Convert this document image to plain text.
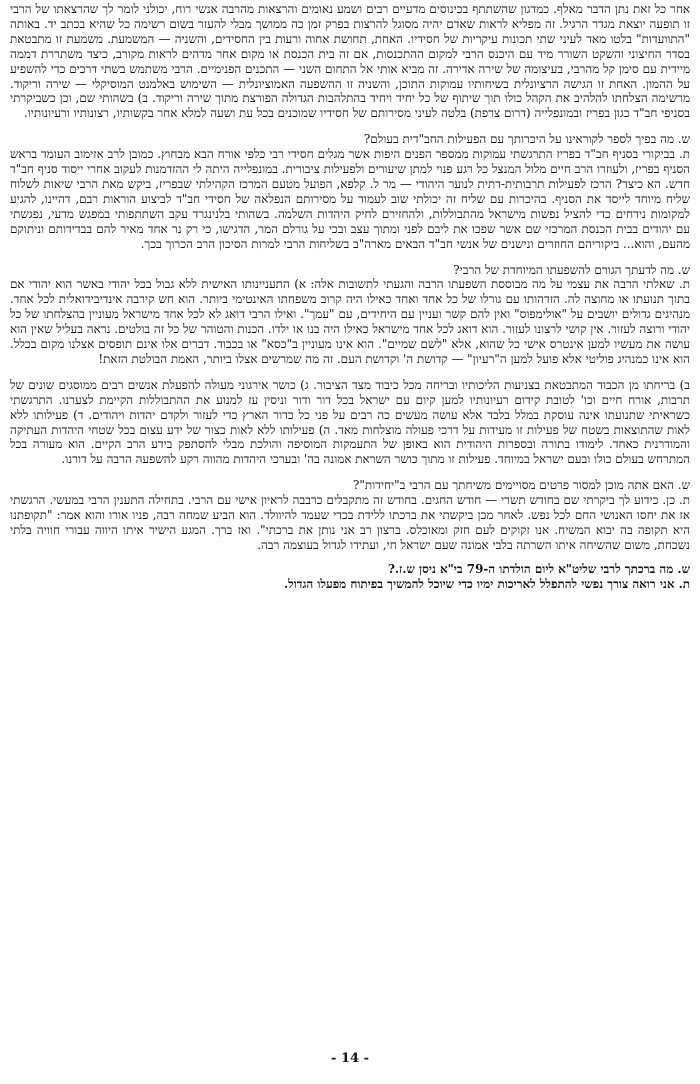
אחר כל זאת נתן הדבר מאלף. כמדגון שהשתתף בכינוסים מדעיים רבים ושמע נאומים והרצאות מהרבה אנשי רוח, יכולני לומר לך שהרצאתו של הרבי זו תופעה יוצאת מגדר הרגיל. זה מפליא לראות שאדם יהיה מסוגל להרצות בפרק זמן כה ממושך מבלי להעזר בשום רשימה כל שהיא בכתב יד. באותה "התוועדות" בלטו מאד לעיני שתי תכונות עיקריות של חסידיו. האחת, תחושת אחוה ורעות בין החסידים, והשניה — המשמעת. משמעת זו מתבטאת בסדר החיצוני והשקט השורר מיד עם היכנס הרבי למקום ההתכנסות, אם זה בית הכנסת או מקום אחר מדהים לראות מקורב, כיצד משתררת דממה מיידית עם סימן קל מהרבי, בעיצומה של שירה אדירה. זה מביא אותי אל התחום השני — התכנים הפנימיים. הרבי משתמש בשתי דרכים כדי להשפיע על ההמון. האחת זו הגישה הרציונלית בשיחותיו עמוקות התוכן, והשניה זו ההשפעה האמוציונלית — השימוש באלמנט המוסיקלי — שירה וריקוד. מרשימה הצלחתו להלהיב את הקהל כולו תוך שיתוף של כל יחיד ויחיד בהתלהבות הגדולה הפורצת מתוך שירה וריקוד. ב) בשהותי שם, וכן כשביקרתי בסניפי חב"ד כגון בפריז ובמונפלייה (דרום צרפת) בלטה לעיני מסירותם של חסידיו שמוכנים בכל עת ושעה למלא אחר בקשותיו, רצונותיו ורעיונותיו.

ש. מה בפיך לספר לקוראינו על היכרותך עם הפעילות החב"דית בעולם?
ת. בביקורי בסניף חב"ד בפריז התרגשתי עמוקות ממספר הפנים היפות אשר מגלים חסידי רבי כלפי אורח הבא מבחוץ. כמובן לרב אזימוב העומד בראש הסניף בפריז, ולעוזרו הרב חיים מלול המנצל כל רגע פנוי למתן שיעורים ולפעילות ציבורית. במונפלייה היתה לי ההזדמנות לעקוב אחרי ייסוד סניף חב"ד חדש. הא כיצד? הרכז לפעילות תרבותית-דתית לנוער היהודי — מר ל. קלפא, הפועל מטעם המרכז הקהילתי שבפריז, ביקש מאת הרבי שיאות לשלוח שליח מיוחד לייסד את הסניף. בהיכרות עם שליח זה יכולתי שוב לעמוד על מסירותם הנפלאה של חסידי חב"ד לביצוע הוראות רבם, דהיינו, להגיע למקומות נידחים כדי להציל נפשות מישראל מהתבוללות, ולהחזירם לחיק היהדות השלמה. בשהותי בלנינגרד עקב השתתפותי במפגש מדעי, נפגשתי עם יהודים בבית הכנסת המרכזי שם אשר שפכו את ליבם לפני ומתוך עצב ובכי על גורלם המר, הדגישו, כי רק נר אחד מאיר להם בבדידותם וניתוקם מהעם, והוא... ביקוריהם החוזרים ונישנים של אנשי חב"ד הבאים מארה"ב בשליחות הרבי למרות הסיכון הרב הכרוך בכך.

ש. מה לדעתך הגורם להשפעתו המיוחדת של הרבי?
ת. שאלתי הרבה את עצמי על מה מבוססת השפעתו הרבה והגעתי לתשובות אלה: א) התעניינותו האישית ללא גבול בכל יהודי באשר הוא יהודי אם בתוך תנועתו או מחוצה לה. הזדהותו עם גורלו של כל אחד ואחד כאילו היה קרוב משפחתו האינטימי ביותר. הוא חש קירבה אינדיבידואלית לכל אחד. מנהיגים גדולים יושבים על "אולימפוס" ואין להם קשר ועניין עם היחידים, עם "עמך". ואילו הרבי דואג לא לכל אחד מישראל מעוניין בהצלחתו של כל יהודי ורוצה לעזור. אין קושי לרצונו לעזור. הוא דואג לכל אחד מישראל כאילו היה בנו או ילדו. הכנות והטוהר של כל זה בולטים. נראה בעליל שאין הוא עושה את מעשיו למען אינטרס אישי כל שהוא, אלא "לשם שמיים". הוא אינו מעוניין ב"כסא" או בכבוד. דברים אלו אינם תופסים אצלנו מקום בכלל. הוא אינו כמנהיג פוליטי אלא פועל למען ה"רעיון" — קדושת ה' וקדושת העם. זה מה שמרשים אצלו ביותר, האמת הבולטת הזאת!

ב) בריחתו מן הכבוד המתבטאת בצניעות הליכותיו ובריחה מכל כיבוד מצד הציבור. ג) כושר אירגוני מעולה להפעלת אנשים רבים ממוסגים שונים של תרבות, אורח חיים וכו' לטובת קידום רעיונותיו למען קיום עם ישראל בכל דור ודור וניסין עז למנוע את ההתבוללות הקיימת לצערנו. התרגשתי כשראיתי שתנועתו אינה עוסקת במלל בלבד אלא עושה מעשים כה רבים על פני כל כדור הארץ כדי לעזור ולקדם יהדות ויהודים. ד) פעילותו ללא לאות שהתוצאות בשטח של פעילות זו מעידות על דרכי פעולה מוצלחות מאד. ה) פעילותו ללא לאות כצור של ידע עצום בכל שטחי היהדות העתיקה והמודרנית כאחד. לימודו בתורה ובספרות היהודית הוא באופן של התעמקות המוסיפה והולכת מבלי להסתפק בידע הרב הקיים. הוא מעורה בכל המתרחש בעולם כולו ובעם ישראל במיוחד. פעילות זו מתוך כושר השראת אמונה בה' ובערכי היהדות מהווה רקע להשפעה הרבה על דורנו.

ש. האם אתה מוכן למסור פרטים מסויימים משיחתך עם הרבי ב"יחידות"?
ת. כן. כידוע לך ביקרתי שם בחודש תשרי — חודש החגים. בחודש זה מתקבלים כרבבה לראיון אישי עם הרבי. בתחילה התענין הרבי במעשי. הרגשתי אז את יחסו האנושי החם לכל נפש. לאחר מכן ביקשתי את ברכתו ללידת בכדי שעמד להיוולד. הוא הביע שמחה רבה, פניו אורו והוא אמר: "תקופתנו היא תקופה בה יבוא המשיח. אנו זקוקים לעם חזק ומאוכלס. ברצון רב אני נותן את ברכתי". ואז ברך. המגע הישיר איתו היווה עבורי חוויה בלתי נשכחת, משום שהשיחה איתו השרתה בלבי אמונה שעם ישראל חי, ועתידו לגדול בעוצמה רבה.

ש. מה ברכתך לרבי שליט"א ליום הולדתו ה-79 בי"א ניסן ש.ז.?
ת. אני רואה צורך נפשי להתפלל לאריכות ימיו כדי שיוכל להמשיך בפיתוח מפעלו הגדול.

- 14 -
